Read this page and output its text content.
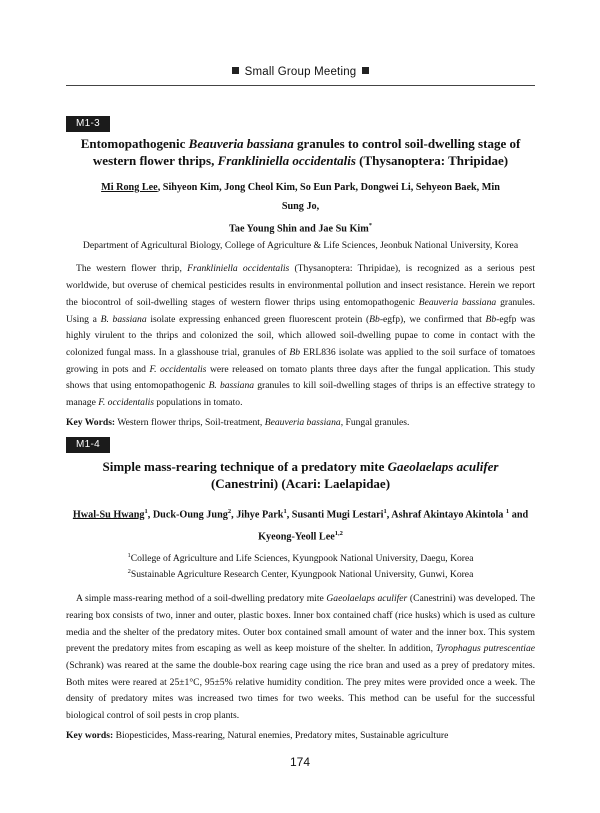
Small Group Meeting
M1-3

Entomopathogenic Beauveria bassiana granules to control soil-dwelling stage of western flower thrips, Frankliniella occidentalis (Thysanoptera: Thripidae)

Mi Rong Lee, Sihyeon Kim, Jong Cheol Kim, So Eun Park, Dongwei Li, Sehyeon Baek, Min Sung Jo,
Tae Young Shin and Jae Su Kim*

Department of Agricultural Biology, College of Agriculture & Life Sciences, Jeonbuk National University, Korea

The western flower thrip, Frankliniella occidentalis (Thysanoptera: Thripidae), is recognized as a serious pest worldwide, but overuse of chemical pesticides results in environmental pollution and insect resistance. Herein we report the biocontrol of soil-dwelling stages of western flower thrips using entomopathogenic Beauveria bassiana granules. Using a B. bassiana isolate expressing enhanced green fluorescent protein (Bb-egfp), we confirmed that Bb-egfp was highly virulent to the thrips and colonized the soil, which allowed soil-dwelling pupae to come in contact with the colonized fungal mass. In a glasshouse trial, granules of Bb ERL836 isolate was applied to the soil surface of tomatoes growing in pots and F. occidentalis were released on tomato plants three days after the fungal application. This study shows that using entomopathogenic B. bassiana granules to kill soil-dwelling stages of thrips is an effective strategy to manage F. occidentalis populations in tomato.

Key Words: Western flower thrips, Soil-treatment, Beauveria bassiana, Fungal granules.

M1-4

Simple mass-rearing technique of a predatory mite Gaeolaelaps aculifer (Canestrini) (Acari: Laelapidae)

Hwal-Su Hwang$^1$, Duck-Oung Jung$^2$, Jihye Park$^1$, Susanti Mugi Lestari$^1$, Ashraf Akintayo Akintola $^1$ and
Kyeong-Yeoll Lee$^{1,2}$

$^1$College of Agriculture and Life Sciences, Kyungpook National University, Daegu, Korea
$^2$Sustainable Agriculture Research Center, Kyungpook National University, Gunwi, Korea

A simple mass-rearing method of a soil-dwelling predatory mite Gaeolaelaps aculifer (Canestrini) was developed. The rearing box consists of two, inner and outer, plastic boxes. Inner box contained chaff (rice husks) which is used as culture media and the shelter of the predatory mites. Outer box contained small amount of water and the inner box. This system prevent the predatory mites from escaping as well as keep moisture of the shelter. In addition, Tyrophagus putrescentiae (Schrank) was reared at the same the double-box rearing cage using the rice bran and used as a prey of predatory mites. Both mites were reared at 25±1°C, 95±5% relative humidity condition. The prey mites were provided once a week. The density of predatory mites was increased two times for two weeks. This method can be useful for the successful biological control of soil pests in crop plants.

Key words: Biopesticides, Mass-rearing, Natural enemies, Predatory mites, Sustainable agriculture

174
